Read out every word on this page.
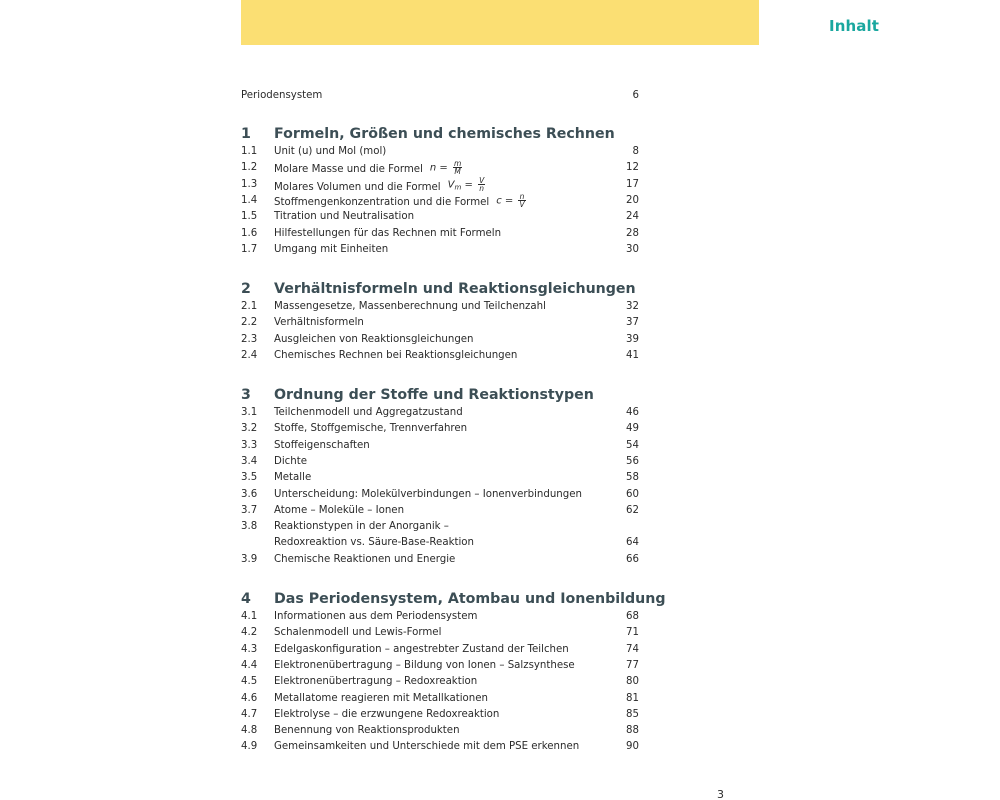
Inhalt
Periodensystem	6
1 Formeln, Größen und chemisches Rechnen
1.1 Unit (u) und Mol (mol)	8
1.2 Molare Masse und die Formel $n = \frac{m}{M}$	12
1.3 Molares Volumen und die Formel $V_m = \frac{V}{n}$	17
1.4 Stoffmengenkonzentration und die Formel $c = \frac{n}{V}$	20
1.5 Titration und Neutralisation	24
1.6 Hilfestellungen für das Rechnen mit Formeln	28
1.7 Umgang mit Einheiten	30
2 Verhältnisformeln und Reaktionsgleichungen
2.1 Massengesetze, Massenberechnung und Teilchenzahl	32
2.2 Verhältnisformeln	37
2.3 Ausgleichen von Reaktionsgleichungen	39
2.4 Chemisches Rechnen bei Reaktionsgleichungen	41
3 Ordnung der Stoffe und Reaktionstypen
3.1 Teilchenmodell und Aggregatzustand	46
3.2 Stoffe, Stoffgemische, Trennverfahren	49
3.3 Stoffeigenschaften	54
3.4 Dichte	56
3.5 Metalle	58
3.6 Unterscheidung: Molekülverbindungen – Ionenverbindungen	60
3.7 Atome – Moleküle – Ionen	62
3.8 Reaktionstypen in der Anorganik –
Redoxreaktion vs. Säure-Base-Reaktion	64
3.9 Chemische Reaktionen und Energie	66
4 Das Periodensystem, Atombau und Ionenbildung
4.1 Informationen aus dem Periodensystem	68
4.2 Schalenmodell und Lewis-Formel	71
4.3 Edelgaskonfiguration – angestrebter Zustand der Teilchen	74
4.4 Elektronenübertragung – Bildung von Ionen – Salzsynthese	77
4.5 Elektronenübertragung – Redoxreaktion	80
4.6 Metallatome reagieren mit Metallkationen	81
4.7 Elektrolyse – die erzwungene Redoxreaktion	85
4.8 Benennung von Reaktionsprodukten	88
4.9 Gemeinsamkeiten und Unterschiede mit dem PSE erkennen	90
3
